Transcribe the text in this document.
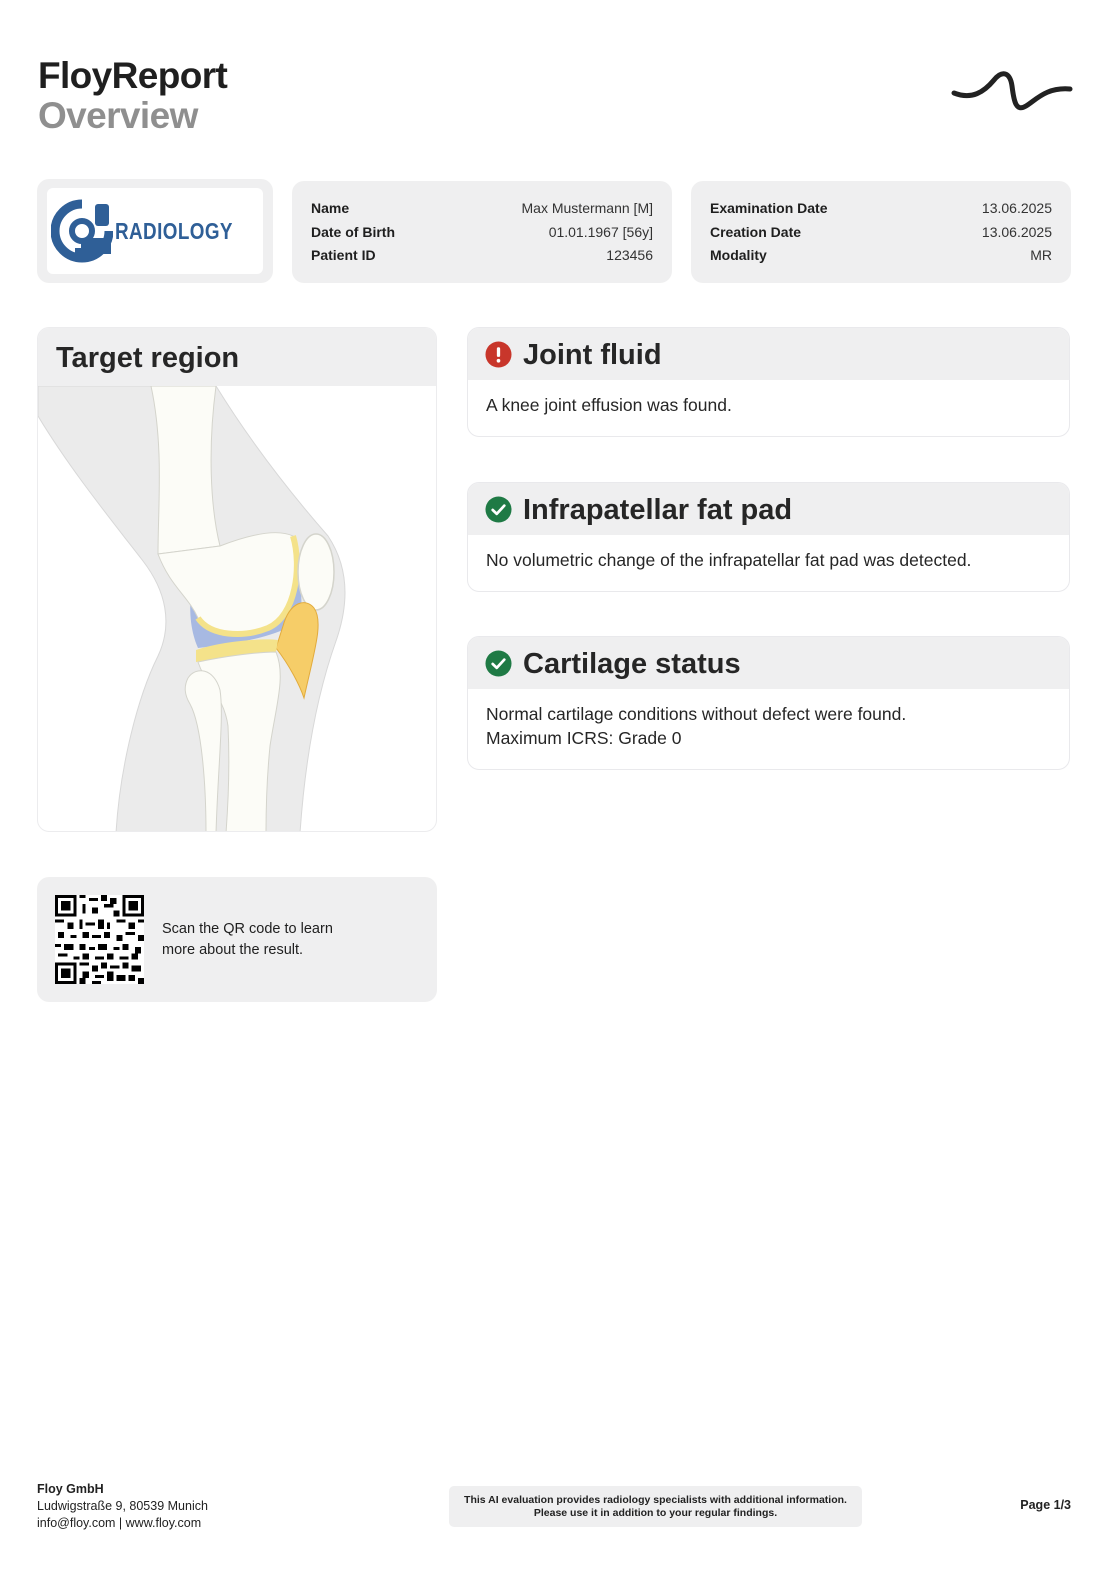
FloyReport
Overview
RADIOLOGY
Name	Max Mustermann [M]
Date of Birth	01.01.1967 [56y]
Patient ID	123456
Examination Date	13.06.2025
Creation Date	13.06.2025
Modality	MR
Target region
Scan the QR code to learn
more about the result.
Joint fluid
A knee joint effusion was found.
Infrapatellar fat pad
No volumetric change of the infrapatellar fat pad was detected.
Cartilage status
Normal cartilage conditions without defect were found.
Maximum ICRS: Grade 0
Floy GmbH
Ludwigstraße 9, 80539 Munich
info@floy.com | www.floy.com
This AI evaluation provides radiology specialists with additional information.
Please use it in addition to your regular findings.
Page 1/3
